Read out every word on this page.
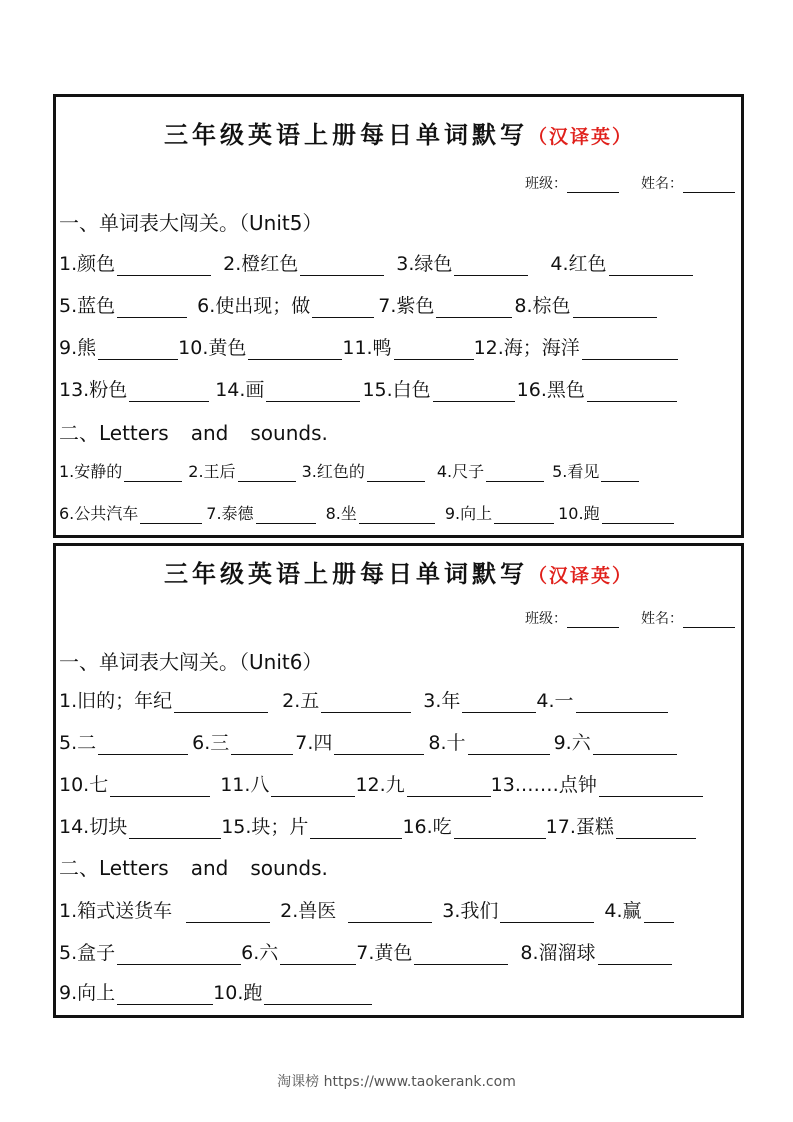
三年级英语上册每日单词默写（汉译英）
班级：	姓名：
一、单词表大闯关。（Unit5）
1.颜色	2.橙红色	3.绿色	4.红色
5.蓝色	6.使出现；做	7.紫色	8.棕色
9.熊	10.黄色	11.鸭	12.海；海洋
13.粉色	14.画	15.白色	16.黑色
二、Letters and sounds.
1.安静的	2.王后	3.红色的	4.尺子	5.看见
6.公共汽车	7.泰德	8.坐	9.向上	10.跑
三年级英语上册每日单词默写（汉译英）
班级：	姓名：
一、单词表大闯关。（Unit6）
1.旧的；年纪	2.五	3.年	4.一
5.二	6.三	7.四	8.十	9.六
10.七	11.八	12.九	13.……点钟
14.切块	15.块；片	16.吃	17.蛋糕
二、Letters and sounds.
1.箱式送货车	2.兽医	3.我们	4.赢
5.盒子	6.六	7.黄色	8.溜溜球
9.向上	10.跑
淘课榜 https://www.taokerank.com
